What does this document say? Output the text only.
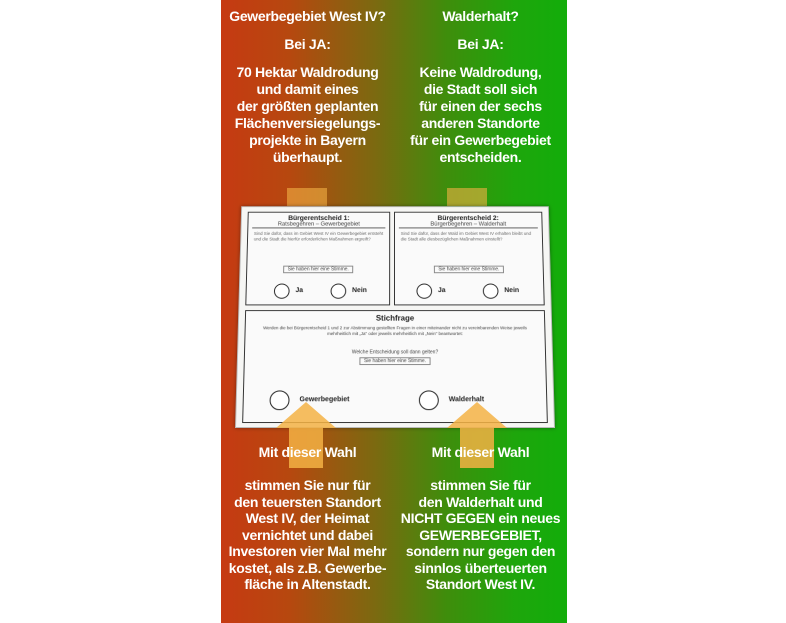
Gewerbegebiet West IV?
Bei JA:
70 Hektar Waldrodung
und damit eines
der größten geplanten
Flächenversiegelungs-
projekte in Bayern
überhaupt.
Walderhalt?
Bei JA:
Keine Waldrodung,
die Stadt soll sich
für einen der sechs
anderen Standorte
für ein Gewerbegebiet
entscheiden.
Bürgerentscheid 1:
Ratsbegehren – Gewerbegebiet
Sind Sie dafür, dass im Gebiet West IV ein Gewerbegebiet entsteht und die Stadt die hierfür erforderlichen Maßnahmen ergreift?
Sie haben hier eine Stimme.
Ja	Nein
Bürgerentscheid 2:
Bürgerbegehren – Walderhalt
Sind Sie dafür, dass der Wald im Gebiet West IV erhalten bleibt und die Stadt alle diesbezüglichen Maßnahmen einstellt?
Sie haben hier eine Stimme.
Ja	Nein
Stichfrage
Werden die bei Bürgerentscheid 1 und 2 zur Abstimmung gestellten Fragen in einer miteinander nicht zu vereinbarenden Weise jeweils mehrheitlich mit „Ja" oder jeweils mehrheitlich mit „Nein" beantwortet:
Welche Entscheidung soll dann gelten?
Sie haben hier eine Stimme.
Gewerbegebiet	Walderhalt
Mit dieser Wahl
stimmen Sie nur für
den teuersten Standort
West IV, der Heimat
vernichtet und dabei
Investoren vier Mal mehr
kostet, als z.B. Gewerbe-
fläche in Altenstadt.
Mit dieser Wahl
stimmen Sie für
den Walderhalt und
NICHT GEGEN ein neues
GEWERBEGEBIET,
sondern nur gegen den
sinnlos überteuerten
Standort West IV.
